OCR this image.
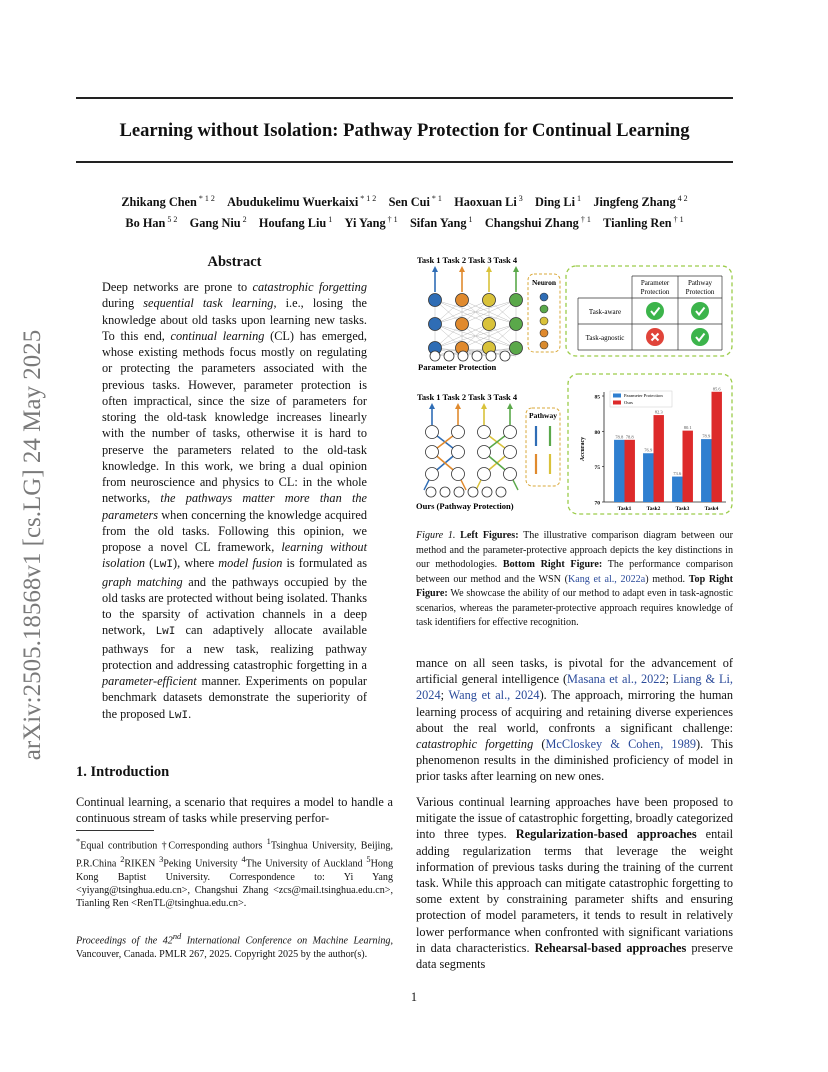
Learning without Isolation: Pathway Protection for Continual Learning
Zhikang Chen $^{* 1 2}$  Abudukelimu Wuerkaixi $^{* 1 2}$  Sen Cui $^{* 1}$  Haoxuan Li $^3$  Ding Li $^1$  Jingfeng Zhang $^{4 2}$
Bo Han $^{5 2}$  Gang Niu $^2$  Houfang Liu $^1$  Yi Yang $^{\dagger 1}$  Sifan Yang $^1$  Changshui Zhang $^{\dagger 1}$  Tianling Ren $^{\dagger 1}$
arXiv:2505.18568v1 [cs.LG] 24 May 2025
Abstract
Deep networks are prone to catastrophic forgetting during sequential task learning, i.e., losing the knowledge about old tasks upon learning new tasks. To this end, continual learning (CL) has emerged, whose existing methods focus mostly on regulating or protecting the parameters associated with the previous tasks. However, parameter protection is often impractical, since the size of parameters for storing the old-task knowledge increases linearly with the number of tasks, otherwise it is hard to preserve the parameters related to the old-task knowledge. In this work, we bring a dual opinion from neuroscience and physics to CL: in the whole networks, the pathways matter more than the parameters when concerning the knowledge acquired from the old tasks. Following this opinion, we propose a novel CL framework, learning without isolation (LwI), where model fusion is formulated as graph matching and the pathways occupied by the old tasks are protected without being isolated. Thanks to the sparsity of activation channels in a deep network, LwI can adaptively allocate available pathways for a new task, realizing pathway protection and addressing catastrophic forgetting in a parameter-efficient manner. Experiments on popular benchmark datasets demonstrate the superiority of the proposed LwI.
1. Introduction
Continual learning, a scenario that requires a model to handle a continuous stream of tasks while preserving perfor-
*Equal contribution †Corresponding authors $^1$Tsinghua University, Beijing, P.R.China $^2$RIKEN $^3$Peking University $^4$The University of Auckland $^5$Hong Kong Baptist University. Correspondence to: Yi Yang <yiyang@tsinghua.edu.cn>, Changshui Zhang <zcs@mail.tsinghua.edu.cn>, Tianling Ren <RenTL@tsinghua.edu.cn>.
Proceedings of the 42nd International Conference on Machine Learning, Vancouver, Canada. PMLR 267, 2025. Copyright 2025 by the author(s).
Task 1 Task 2 Task 3 Task 4
Neuron
Parameter Protection
Parameter
Protection
Pathway
Protection
Task-aware
Task-agnostic
Task 1 Task 2 Task 3 Task 4
Pathway
Ours (Pathway Protection)	70
75
80
85
Accuracy
78.8 78.8
Task1
76.9
82.3
Task2
73.6
80.1
Task3
78.9
85.6
Task4
Parameter Protection
Ours
Figure 1. Left Figures: The illustrative comparison diagram between our method and the parameter-protective approach depicts the key distinctions in our methodologies. Bottom Right Figure: The performance comparison between our method and the WSN (Kang et al., 2022a) method. Top Right Figure: We showcase the ability of our method to adapt even in task-agnostic scenarios, whereas the parameter-protective approach requires knowledge of task identifiers for effective recognition.
mance on all seen tasks, is pivotal for the advancement of artificial general intelligence (Masana et al., 2022; Liang & Li, 2024; Wang et al., 2024). The approach, mirroring the human learning process of acquiring and retaining diverse experiences about the real world, confronts a significant challenge: catastrophic forgetting (McCloskey & Cohen, 1989). This phenomenon results in the diminished proficiency of model in prior tasks after learning on new ones.
Various continual learning approaches have been proposed to mitigate the issue of catastrophic forgetting, broadly categorized into three types. Regularization-based approaches entail adding regularization terms that leverage the weight information of previous tasks during the training of the current task. While this approach can mitigate catastrophic forgetting to some extent by constraining parameter shifts and ensuring protection of model parameters, it tends to result in relatively lower performance when confronted with significant variations in data characteristics. Rehearsal-based approaches preserve data segments
1
